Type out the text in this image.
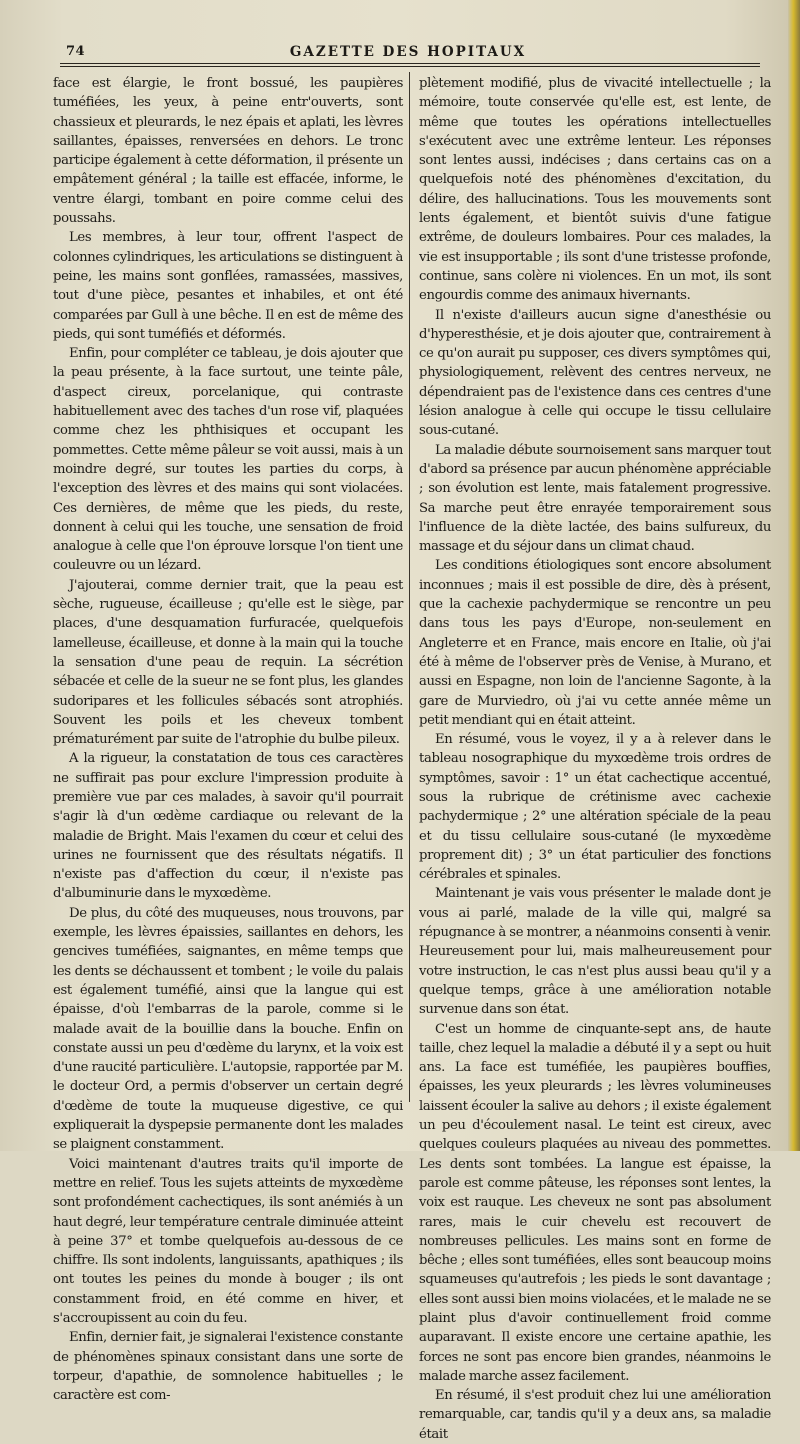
74	GAZETTE DES HOPITAUX

face est élargie, le front bossué, les paupières tuméfiées, les yeux, à peine entr'ouverts, sont chassieux et pleurards, le nez épais et aplati, les lèvres saillantes, épaisses, renversées en dehors. Le tronc participe également à cette déformation, il présente un empâtement général ; la taille est effacée, informe, le ventre élargi, tombant en poire comme celui des poussahs.

Les membres, à leur tour, offrent l'aspect de colonnes cylindriques, les articulations se distinguent à peine, les mains sont gonflées, ramassées, massives, tout d'une pièce, pesantes et inhabiles, et ont été comparées par Gull à une bêche. Il en est de même des pieds, qui sont tuméfiés et déformés.

Enfin, pour compléter ce tableau, je dois ajouter que la peau présente, à la face surtout, une teinte pâle, d'aspect cireux, porcelanique, qui contraste habituellement avec des taches d'un rose vif, plaquées comme chez les phthisiques et occupant les pommettes. Cette même pâleur se voit aussi, mais à un moindre degré, sur toutes les parties du corps, à l'exception des lèvres et des mains qui sont violacées. Ces dernières, de même que les pieds, du reste, donnent à celui qui les touche, une sensation de froid analogue à celle que l'on éprouve lorsque l'on tient une couleuvre ou un lézard.

J'ajouterai, comme dernier trait, que la peau est sèche, rugueuse, écailleuse ; qu'elle est le siège, par places, d'une desquamation furfuracée, quelquefois lamelleuse, écailleuse, et donne à la main qui la touche la sensation d'une peau de requin. La sécrétion sébacée et celle de la sueur ne se font plus, les glandes sudoripares et les follicules sébacés sont atrophiés. Souvent les poils et les cheveux tombent prématurément par suite de l'atrophie du bulbe pileux.

A la rigueur, la constatation de tous ces caractères ne suffirait pas pour exclure l'impression produite à première vue par ces malades, à savoir qu'il pourrait s'agir là d'un œdème cardiaque ou relevant de la maladie de Bright. Mais l'examen du cœur et celui des urines ne fournissent que des résultats négatifs. Il n'existe pas d'affection du cœur, il n'existe pas d'albuminurie dans le myxœdème.

De plus, du côté des muqueuses, nous trouvons, par exemple, les lèvres épaissies, saillantes en dehors, les gencives tuméfiées, saignantes, en même temps que les dents se déchaussent et tombent ; le voile du palais est également tuméfié, ainsi que la langue qui est épaisse, d'où l'embarras de la parole, comme si le malade avait de la bouillie dans la bouche. Enfin on constate aussi un peu d'œdème du larynx, et la voix est d'une raucité particulière. L'autopsie, rapportée par M. le docteur Ord, a permis d'observer un certain degré d'œdème de toute la muqueuse digestive, ce qui expliquerait la dyspepsie permanente dont les malades se plaignent constamment.

Voici maintenant d'autres traits qu'il importe de mettre en relief. Tous les sujets atteints de myxœdème sont profondément cachectiques, ils sont anémiés à un haut degré, leur température centrale diminuée atteint à peine 37° et tombe quelquefois au-dessous de ce chiffre. Ils sont indolents, languissants, apathiques ; ils ont toutes les peines du monde à bouger ; ils ont constamment froid, en été comme en hiver, et s'accroupissent au coin du feu.

Enfin, dernier fait, je signalerai l'existence constante de phénomènes spinaux consistant dans une sorte de torpeur, d'apathie, de somnolence habituelles ; le caractère est com-

plètement modifié, plus de vivacité intellectuelle ; la mémoire, toute conservée qu'elle est, est lente, de même que toutes les opérations intellectuelles s'exécutent avec une extrême lenteur. Les réponses sont lentes aussi, indécises ; dans certains cas on a quelquefois noté des phénomènes d'excitation, du délire, des hallucinations. Tous les mouvements sont lents également, et bientôt suivis d'une fatigue extrême, de douleurs lombaires. Pour ces malades, la vie est insupportable ; ils sont d'une tristesse profonde, continue, sans colère ni violences. En un mot, ils sont engourdis comme des animaux hivernants.

Il n'existe d'ailleurs aucun signe d'anesthésie ou d'hyperesthésie, et je dois ajouter que, contrairement à ce qu'on aurait pu supposer, ces divers symptômes qui, physiologiquement, relèvent des centres nerveux, ne dépendraient pas de l'existence dans ces centres d'une lésion analogue à celle qui occupe le tissu cellulaire sous-cutané.

La maladie débute sournoisement sans marquer tout d'abord sa présence par aucun phénomène appréciable ; son évolution est lente, mais fatalement progressive. Sa marche peut être enrayée temporairement sous l'influence de la diète lactée, des bains sulfureux, du massage et du séjour dans un climat chaud.

Les conditions étiologiques sont encore absolument inconnues ; mais il est possible de dire, dès à présent, que la cachexie pachydermique se rencontre un peu dans tous les pays d'Europe, non-seulement en Angleterre et en France, mais encore en Italie, où j'ai été à même de l'observer près de Venise, à Murano, et aussi en Espagne, non loin de l'ancienne Sagonte, à la gare de Murviedro, où j'ai vu cette année même un petit mendiant qui en était atteint.

En résumé, vous le voyez, il y a à relever dans le tableau nosographique du myxœdème trois ordres de symptômes, savoir : 1° un état cachectique accentué, sous la rubrique de crétinisme avec cachexie pachydermique ; 2° une altération spéciale de la peau et du tissu cellulaire sous-cutané (le myxœdème proprement dit) ; 3° un état particulier des fonctions cérébrales et spinales.

Maintenant je vais vous présenter le malade dont je vous ai parlé, malade de la ville qui, malgré sa répugnance à se montrer, a néanmoins consenti à venir. Heureusement pour lui, mais malheureusement pour votre instruction, le cas n'est plus aussi beau qu'il y a quelque temps, grâce à une amélioration notable survenue dans son état.

C'est un homme de cinquante-sept ans, de haute taille, chez lequel la maladie a débuté il y a sept ou huit ans. La face est tuméfiée, les paupières bouffies, épaisses, les yeux pleurards ; les lèvres volumineuses laissent écouler la salive au dehors ; il existe également un peu d'écoulement nasal. Le teint est cireux, avec quelques couleurs plaquées au niveau des pommettes. Les dents sont tombées. La langue est épaisse, la parole est comme pâteuse, les réponses sont lentes, la voix est rauque. Les cheveux ne sont pas absolument rares, mais le cuir chevelu est recouvert de nombreuses pellicules. Les mains sont en forme de bêche ; elles sont tuméfiées, elles sont beaucoup moins squameuses qu'autrefois ; les pieds le sont davantage ; elles sont aussi bien moins violacées, et le malade ne se plaint plus d'avoir continuellement froid comme auparavant. Il existe encore une certaine apathie, les forces ne sont pas encore bien grandes, néanmoins le malade marche assez facilement.

En résumé, il s'est produit chez lui une amélioration remarquable, car, tandis qu'il y a deux ans, sa maladie était
